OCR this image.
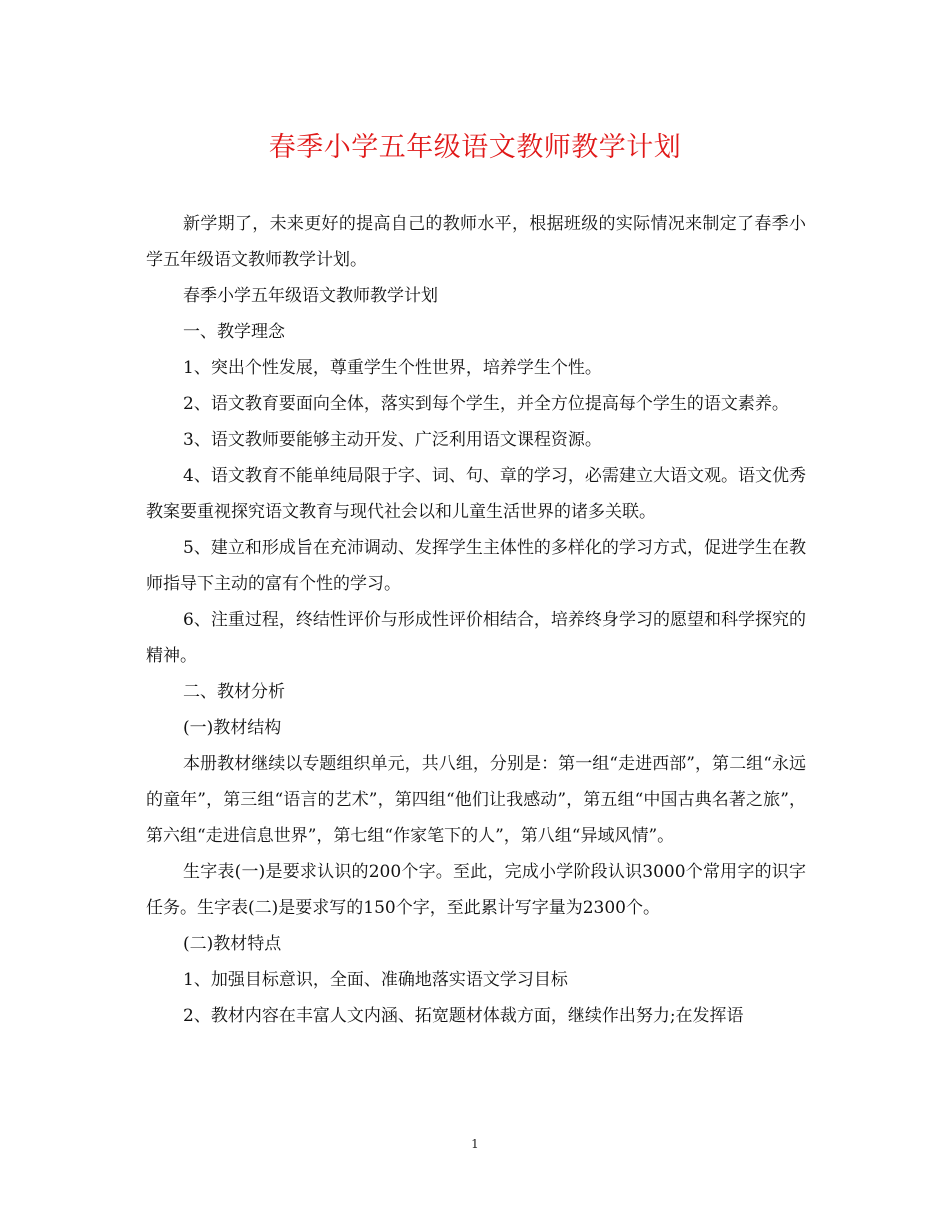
春季小学五年级语文教师教学计划

新学期了，未来更好的提高自己的教师水平，根据班级的实际情况来制定了春季小学五年级语文教师教学计划。

春季小学五年级语文教师教学计划

一、教学理念

1、突出个性发展，尊重学生个性世界，培养学生个性。

2、语文教育要面向全体，落实到每个学生，并全方位提高每个学生的语文素养。

3、语文教师要能够主动开发、广泛利用语文课程资源。

4、语文教育不能单纯局限于字、词、句、章的学习，必需建立大语文观。语文优秀教案要重视探究语文教育与现代社会以和儿童生活世界的诸多关联。

5、建立和形成旨在充沛调动、发挥学生主体性的多样化的学习方式，促进学生在教师指导下主动的富有个性的学习。

6、注重过程，终结性评价与形成性评价相结合，培养终身学习的愿望和科学探究的精神。

二、教材分析

(一)教材结构

本册教材继续以专题组织单元，共八组，分别是：第一组“走进西部”，第二组“永远的童年”，第三组“语言的艺术”，第四组“他们让我感动”，第五组“中国古典名著之旅”，第六组“走进信息世界”，第七组“作家笔下的人”，第八组“异域风情”。

生字表(一)是要求认识的200个字。至此，完成小学阶段认识3000个常用字的识字任务。生字表(二)是要求写的150个字，至此累计写字量为2300个。

(二)教材特点

1、加强目标意识，全面、准确地落实语文学习目标

2、教材内容在丰富人文内涵、拓宽题材体裁方面，继续作出努力;在发挥语

1
